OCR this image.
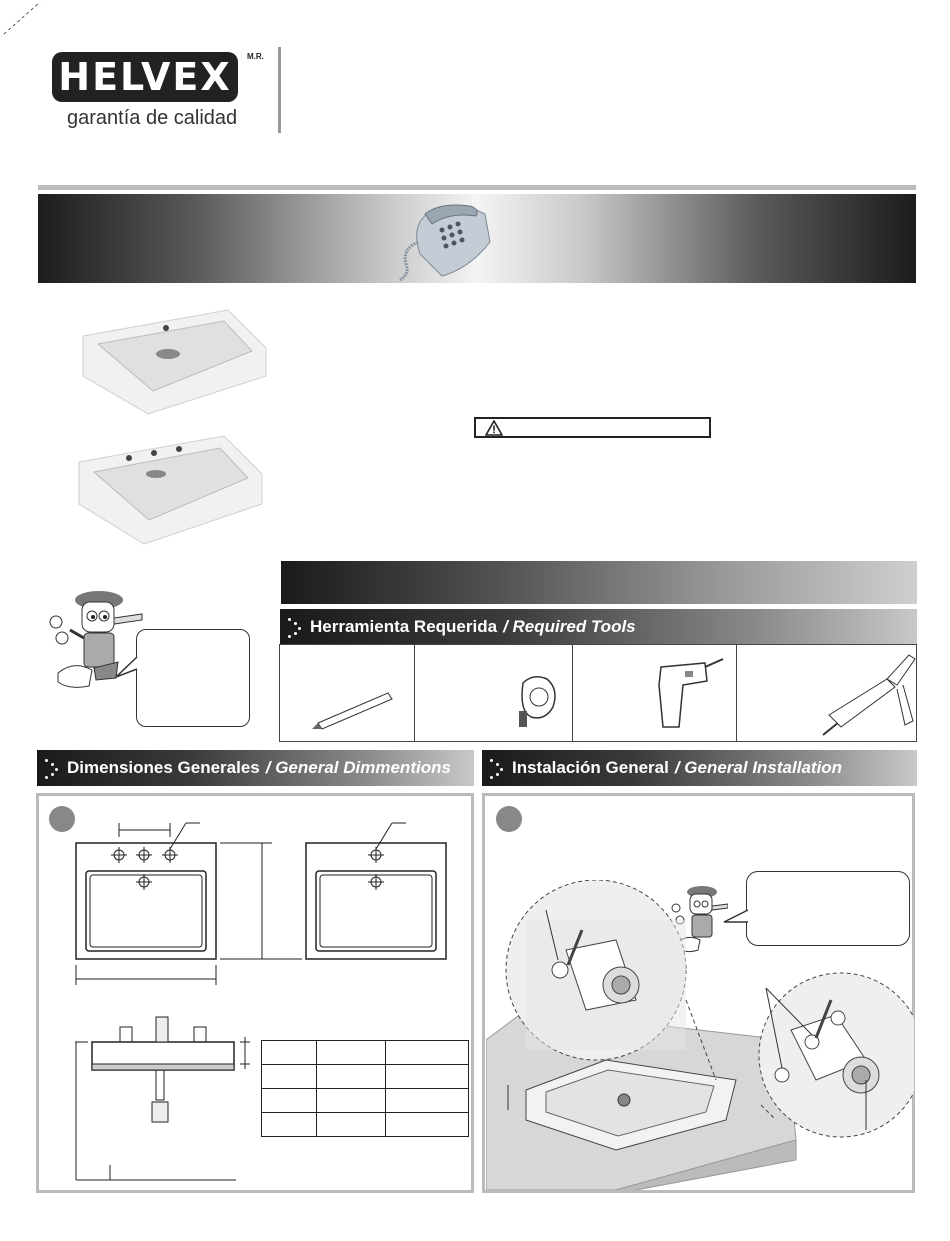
HELVEX M.R.
garantía de calidad
Herramienta Requerida / Required Tools
Dimensiones Generales / General Dimmentions	Instalación General / General Installation
